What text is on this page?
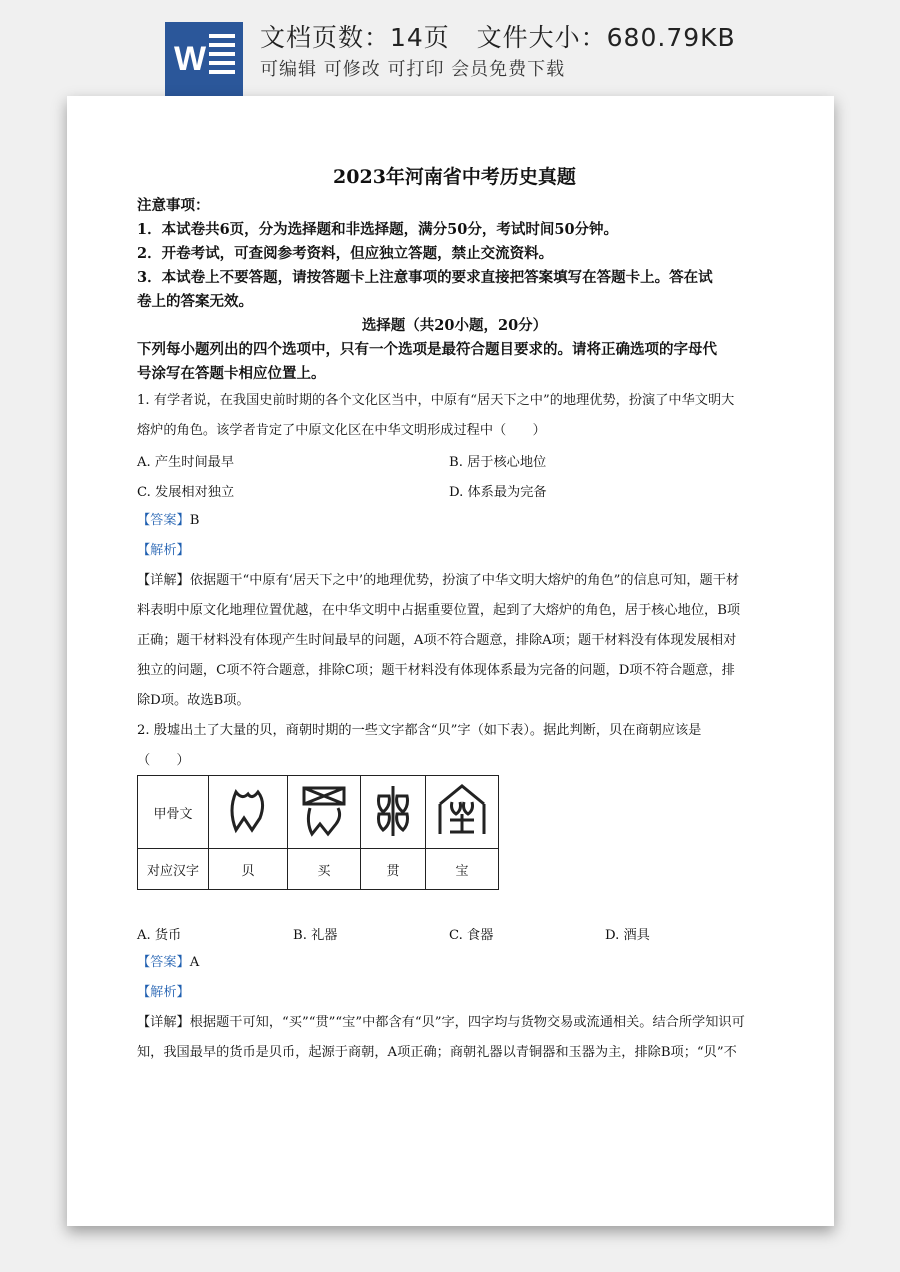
W
文档页数：14页   文件大小：680.79KB
可编辑 可修改 可打印 会员免费下载
2023年河南省中考历史真题
注意事项：
1．本试卷共6页，分为选择题和非选择题，满分50分，考试时间50分钟。
2．开卷考试，可查阅参考资料，但应独立答题，禁止交流资料。
3．本试卷上不要答题，请按答题卡上注意事项的要求直接把答案填写在答题卡上。答在试
卷上的答案无效。
选择题（共20小题，20分）
下列每小题列出的四个选项中，只有一个选项是最符合题目要求的。请将正确选项的字母代
号涂写在答题卡相应位置上。
1. 有学者说，在我国史前时期的各个文化区当中，中原有“居天下之中”的地理优势，扮演了中华文明大
熔炉的角色。该学者肯定了中原文化区在中华文明形成过程中（　　）
A. 产生时间最早	B. 居于核心地位
C. 发展相对独立	D. 体系最为完备
【答案】B
【解析】
【详解】依据题干“中原有‘居天下之中’的地理优势，扮演了中华文明大熔炉的角色”的信息可知，题干材
料表明中原文化地理位置优越，在中华文明中占据重要位置，起到了大熔炉的角色，居于核心地位，B项
正确；题干材料没有体现产生时间最早的问题，A项不符合题意，排除A项；题干材料没有体现发展相对
独立的问题，C项不符合题意，排除C项；题干材料没有体现体系最为完备的问题，D项不符合题意，排
除D项。故选B项。
2. 殷墟出土了大量的贝，商朝时期的一些文字都含“贝”字（如下表）。据此判断，贝在商朝应该是
（　　）
甲骨文				
对应汉字	贝	买	贯	宝
A. 货币	B. 礼器	C. 食器	D. 酒具
【答案】A
【解析】
【详解】根据题干可知，“买”“贯”“宝”中都含有“贝”字，四字均与货物交易或流通相关。结合所学知识可
知，我国最早的货币是贝币，起源于商朝，A项正确；商朝礼器以青铜器和玉器为主，排除B项；“贝”不
